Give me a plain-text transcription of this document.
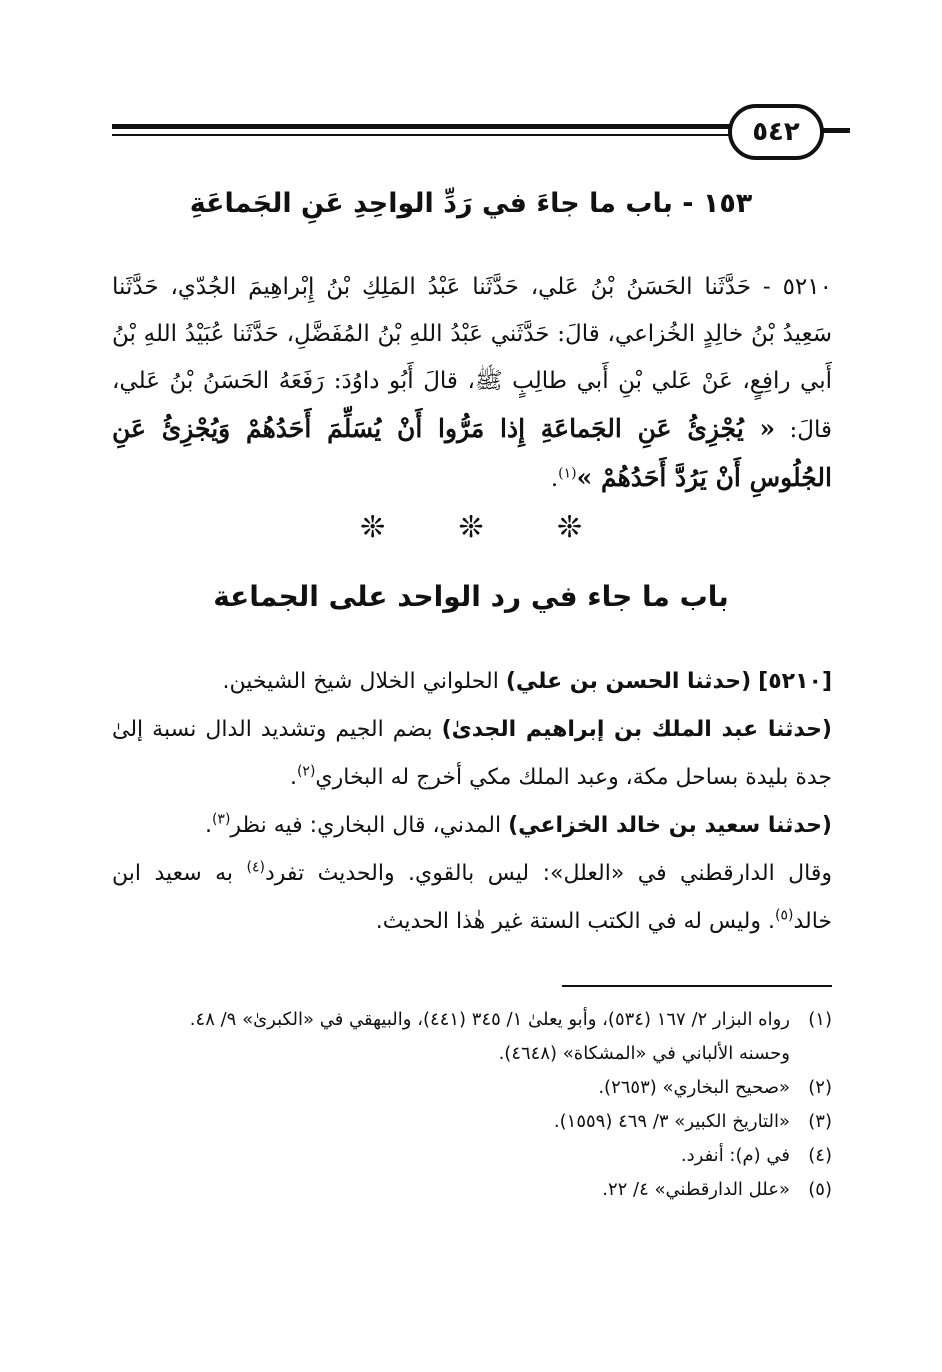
٥٤٢
١٥٣ - باب ما جاءَ في رَدِّ الواحِدِ عَنِ الجَماعَةِ
٥٢١٠ - حَدَّثَنا الحَسَنُ بْنُ عَلي، حَدَّثَنا عَبْدُ المَلِكِ بْنُ إِبْراهِيمَ الجُدّي، حَدَّثَنا سَعِيدُ بْنُ خالِدٍ الخُزاعي، قالَ: حَدَّثَني عَبْدُ اللهِ بْنُ المُفَضَّلِ، حَدَّثَنا عُبَيْدُ اللهِ بْنُ أَبي رافِعٍ، عَنْ عَلي بْنِ أَبي طالِبٍ ﷺ، قالَ أَبُو داوُدَ: رَفَعَهُ الحَسَنُ بْنُ عَلي، قالَ: « يُجْزِئُ عَنِ الجَماعَةِ إِذا مَرُّوا أَنْ يُسَلِّمَ أَحَدُهُمْ وَيُجْزِئُ عَنِ الجُلُوسِ أَنْ يَرُدَّ أَحَدُهُمْ »$^{(١)}$.
❊ ❊ ❊
باب ما جاء في رد الواحد على الجماعة
[٥٢١٠] (حدثنا الحسن بن علي) الحلواني الخلال شيخ الشيخين.
(حدثنا عبد الملك بن إبراهيم الجدىٰ) بضم الجيم وتشديد الدال نسبة إلىٰ جدة بليدة بساحل مكة، وعبد الملك مكي أخرج له البخاري$^{(٢)}$.
(حدثنا سعيد بن خالد الخزاعي) المدني، قال البخاري: فيه نظر$^{(٣)}$.
وقال الدارقطني في «العلل»: ليس بالقوي. والحديث تفرد$^{(٤)}$ به سعيد ابن خالد$^{(٥)}$. وليس له في الكتب الستة غير هٰذا الحديث.
(١)
رواه البزار ٢/ ١٦٧ (٥٣٤)، وأبو يعلىٰ ١/ ٣٤٥ (٤٤١)، والبيهقي في «الكبرىٰ» ٩/ ٤٨.
وحسنه الألباني في «المشكاة» (٤٦٤٨).
(٢)
«صحيح البخاري» (٢٦٥٣).
(٣)
«التاريخ الكبير» ٣/ ٤٦٩ (١٥٥٩).
(٤)
في (م): أنفرد.
(٥)
«علل الدارقطني» ٤/ ٢٢.
